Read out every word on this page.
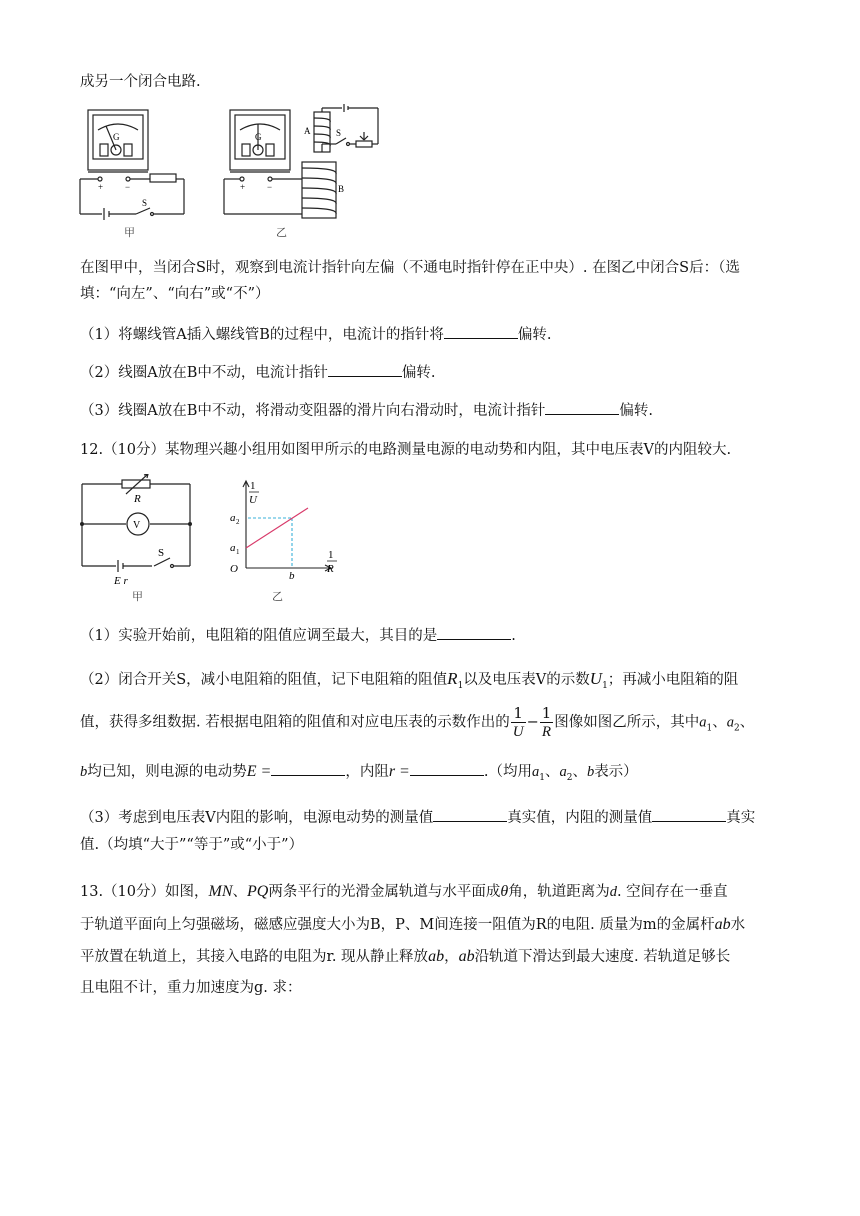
成另一个闭合电路.
G
+ −
S
甲
G
+ −
A	S
B
乙
在图甲中，当闭合S时，观察到电流计指针向左偏（不通电时指针停在正中央）. 在图乙中闭合S后：（选
填：“向左”、“向右”或“不”）
（1）将螺线管A插入螺线管B的过程中，电流计的指针将	偏转.
（2）线圈A放在B中不动，电流计指针	偏转.
（3）线圈A放在B中不动，将滑动变阻器的滑片向右滑动时，电流计指针	偏转.
12.（10分）某物理兴趣小组用如图甲所示的电路测量电源的电动势和内阻，其中电压表V的内阻较大.
R
V
S
E r
甲
1
U
1
R
a 2
a 1
O
b
乙
（1）实验开始前，电阻箱的阻值应调至最大，其目的是	.
（2）闭合开关S，减小电阻箱的阻值，记下电阻箱的阻值$R_1$以及电压表V的示数$U_1$；再减小电阻箱的阻
值，获得多组数据. 若根据电阻箱的阻值和对应电压表的示数作出的 $\frac{1}{U} - \frac{1}{R}$ 图像如图乙所示，其中$a_1$、$a_2$、
b均已知，则电源的电动势E =	，内阻r =	.（均用$a_1$、$a_2$、b表示）
（3）考虑到电压表V内阻的影响，电源电动势的测量值	真实值，内阻的测量值	真实
值.（均填“大于”“等于”或“小于”）
13.（10分）如图，MN、PQ两条平行的光滑金属轨道与水平面成θ角，轨道距离为d. 空间存在一垂直
于轨道平面向上匀强磁场，磁感应强度大小为B，P、M间连接一阻值为R的电阻. 质量为m的金属杆ab水
平放置在轨道上，其接入电路的电阻为r. 现从静止释放ab，ab沿轨道下滑达到最大速度. 若轨道足够长
且电阻不计，重力加速度为g. 求：
